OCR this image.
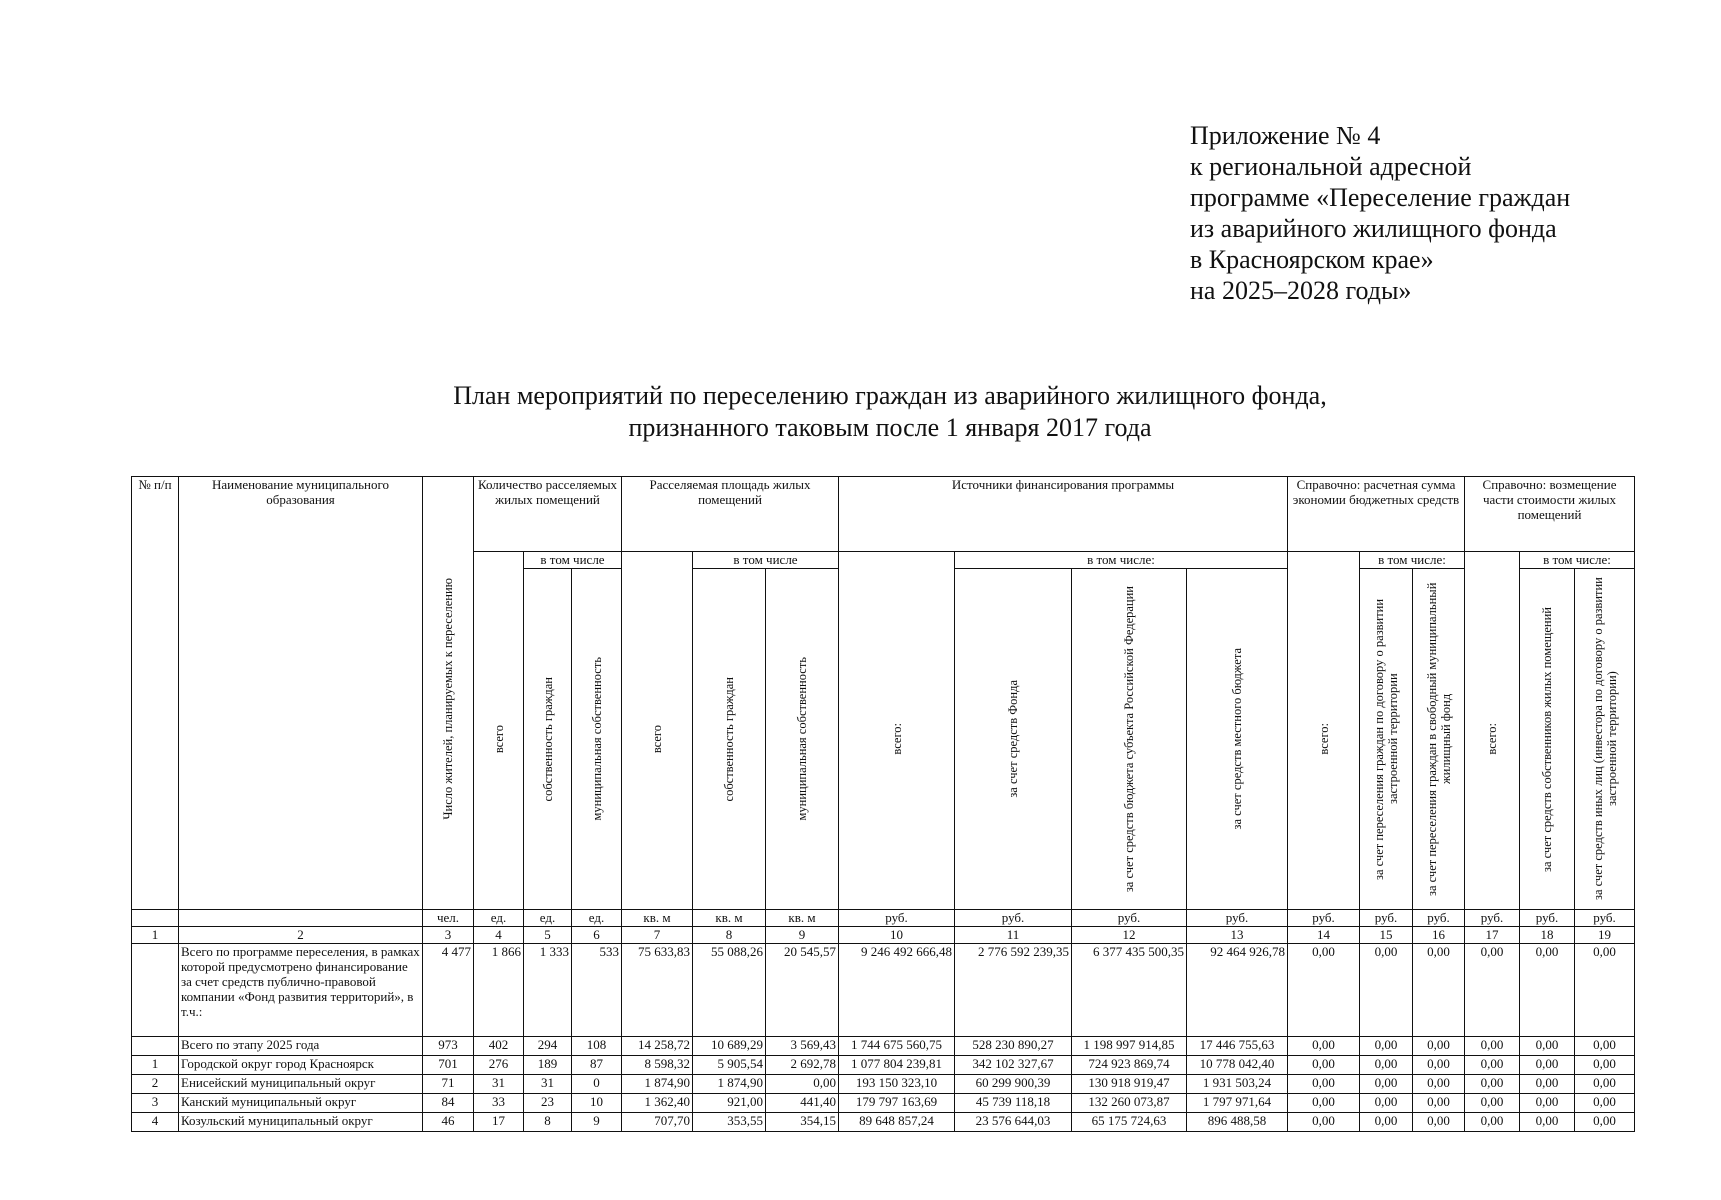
Приложение № 4
к региональной адресной
программе «Переселение граждан
из аварийного жилищного фонда
в Красноярском крае»
на 2025–2028 годы»
План мероприятий по переселению граждан из аварийного жилищного фонда,
признанного таковым после 1 января 2017 года
№ п/п	Наименование муниципального образования	Число жителей, планируемых к переселению	Количество расселяемых жилых помещений			Расселяемая площадь жилых помещений			Источники финансирования программы				Справочно: расчетная сумма экономии бюджетных средств			Справочно: возмещение части стоимости жилых помещений		

			всего	в том числе		всего	в том числе		всего:	в том числе:			всего:	в том числе:		всего:	в том числе:	

				собственность граждан	муниципальная собственность		собственность граждан	муниципальная собственность		за счет средств Фонда	за счет средств бюджета субъекта Российской Федерации	за счет средств местного бюджета		за счет переселения граждан по договору о развитии застроенной территории	за счет переселения граждан в свободный муниципальный жилищный фонд		за счет средств собственников жилых помещений	за счет средств иных лиц (инвестора по договору о развитии застроенной территории)

		чел.	ед.	ед.	ед.	кв. м	кв. м	кв. м	руб.	руб.	руб.	руб.	руб.	руб.	руб.	руб.	руб.	руб.
1	2	3	4	5	6	7	8	9	10	11	12	13	14	15	16	17	18	19
	Всего по программе переселения, в рамках которой предусмотрено финансирование за счет средств публично-правовой компании «Фонд развития территорий», в т.ч.:	4 477	1 866	1 333	533	75 633,83	55 088,26	20 545,57	9 246 492 666,48	2 776 592 239,35	6 377 435 500,35	92 464 926,78	0,00	0,00	0,00	0,00	0,00	0,00
	Всего по этапу 2025 года	973	402	294	108	14 258,72	10 689,29	3 569,43	1 744 675 560,75	528 230 890,27	1 198 997 914,85	17 446 755,63	0,00	0,00	0,00	0,00	0,00	0,00
1	Городской округ город Красноярск	701	276	189	87	8 598,32	5 905,54	2 692,78	1 077 804 239,81	342 102 327,67	724 923 869,74	10 778 042,40	0,00	0,00	0,00	0,00	0,00	0,00
2	Енисейский муниципальный округ	71	31	31	0	1 874,90	1 874,90	0,00	193 150 323,10	60 299 900,39	130 918 919,47	1 931 503,24	0,00	0,00	0,00	0,00	0,00	0,00
3	Канский муниципальный округ	84	33	23	10	1 362,40	921,00	441,40	179 797 163,69	45 739 118,18	132 260 073,87	1 797 971,64	0,00	0,00	0,00	0,00	0,00	0,00
4	Козульский муниципальный округ	46	17	8	9	707,70	353,55	354,15	89 648 857,24	23 576 644,03	65 175 724,63	896 488,58	0,00	0,00	0,00	0,00	0,00	0,00
